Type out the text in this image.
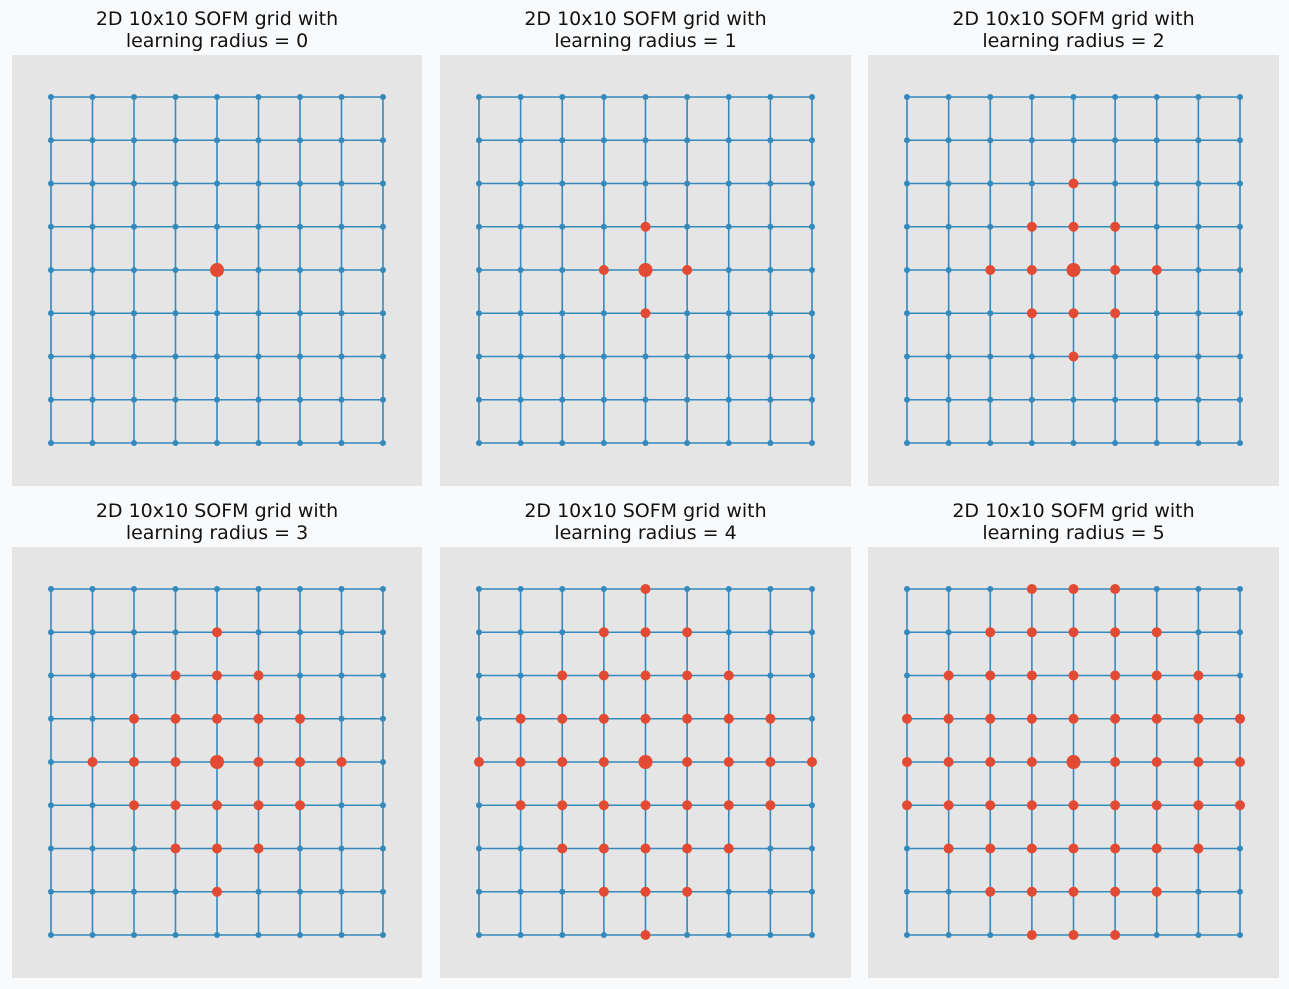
2D 10x10 SOFM grid with
learning radius = 0
2D 10x10 SOFM grid with
learning radius = 1
2D 10x10 SOFM grid with
learning radius = 2
2D 10x10 SOFM grid with
learning radius = 3
2D 10x10 SOFM grid with
learning radius = 4
2D 10x10 SOFM grid with
learning radius = 5
